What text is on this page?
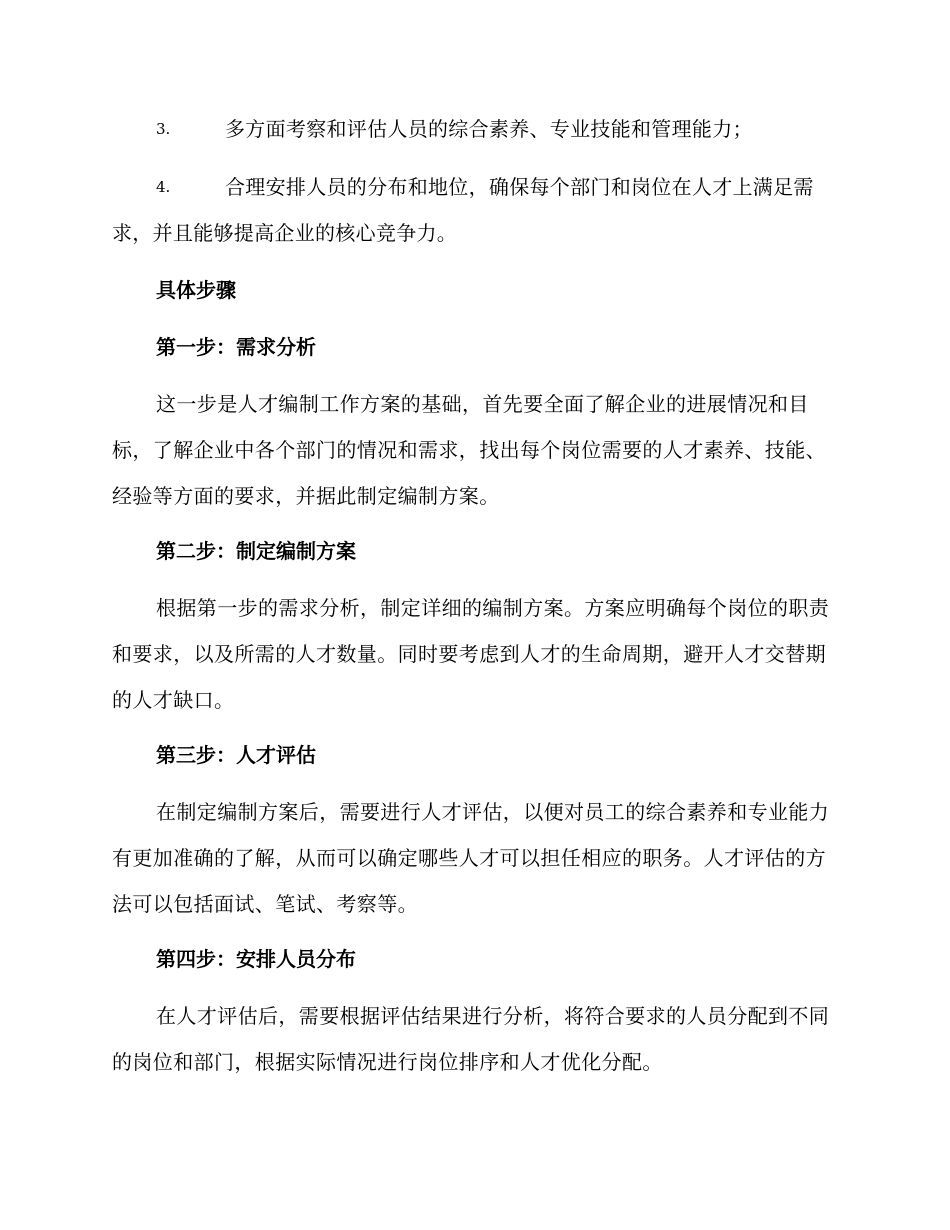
3.	多方面考察和评估人员的综合素养、专业技能和管理能力；
4.	合理安排人员的分布和地位，确保每个部门和岗位在人才上满足需求，并且能够提高企业的核心竞争力。
具体步骤
第一步：需求分析
这一步是人才编制工作方案的基础，首先要全面了解企业的进展情况和目标，了解企业中各个部门的情况和需求，找出每个岗位需要的人才素养、技能、经验等方面的要求，并据此制定编制方案。
第二步：制定编制方案
根据第一步的需求分析，制定详细的编制方案。方案应明确每个岗位的职责和要求，以及所需的人才数量。同时要考虑到人才的生命周期，避开人才交替期的人才缺口。
第三步：人才评估
在制定编制方案后，需要进行人才评估，以便对员工的综合素养和专业能力有更加准确的了解，从而可以确定哪些人才可以担任相应的职务。人才评估的方法可以包括面试、笔试、考察等。
第四步：安排人员分布
在人才评估后，需要根据评估结果进行分析，将符合要求的人员分配到不同的岗位和部门，根据实际情况进行岗位排序和人才优化分配。
